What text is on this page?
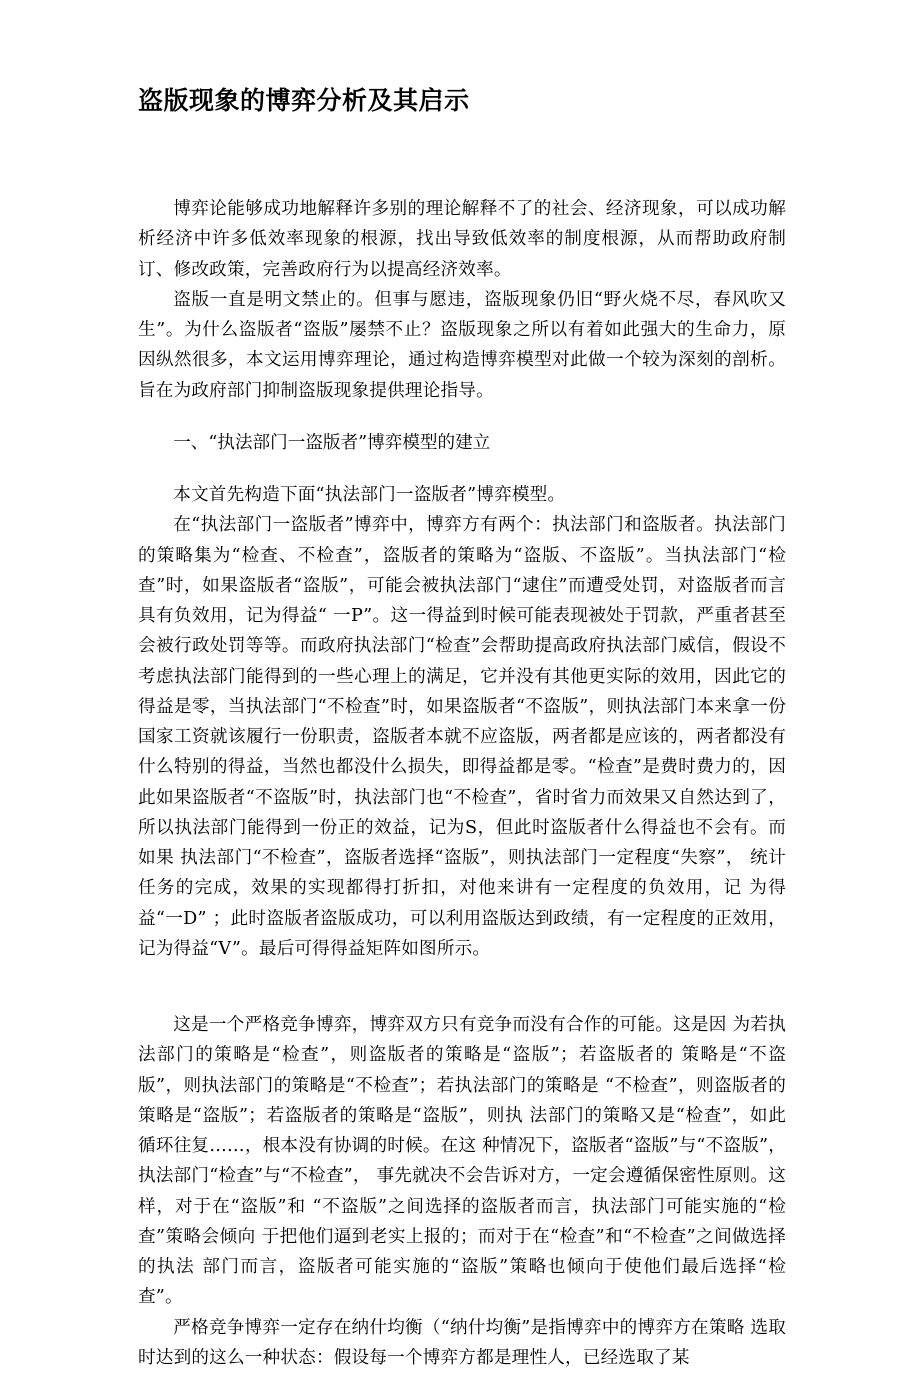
盗版现象的博弈分析及其启示

博弈论能够成功地解释许多别的理论解释不了的社会、经济现象，可以成功解析经济中许多低效率现象的根源，找出导致低效率的制度根源，从而帮助政府制订、修改政策，完善政府行为以提高经济效率。

盗版一直是明文禁止的。但事与愿违，盗版现象仍旧“野火烧不尽，春风吹又生”。为什么盗版者“盗版”屡禁不止？盗版现象之所以有着如此强大的生命力，原因纵然很多，本文运用博弈理论，通过构造博弈模型对此做一个较为深刻的剖析。旨在为政府部门抑制盗版现象提供理论指导。

一、“执法部门一盗版者”博弈模型的建立

本文首先构造下面“执法部门一盗版者”博弈模型。

在“执法部门一盗版者”博弈中，博弈方有两个：执法部门和盗版者。执法部门的策略集为“检查、不检查”，盗版者的策略为“盗版、不盗版”。当执法部门“检查”时，如果盗版者“盗版”，可能会被执法部门“逮住”而遭受处罚，对盗版者而言具有负效用，记为得益“ 一P”。这一得益到时候可能表现被处于罚款，严重者甚至会被行政处罚等等。而政府执法部门“检查”会帮助提高政府执法部门威信，假设不考虑执法部门能得到的一些心理上的满足，它并没有其他更实际的效用，因此它的得益是零，当执法部门“不检查”时，如果盗版者“不盗版”，则执法部门本来拿一份国家工资就该履行一份职责，盗版者本就不应盗版，两者都是应该的，两者都没有什么特别的得益，当然也都没什么损失，即得益都是零。“检查”是费时费力的，因此如果盗版者“不盗版”时，执法部门也“不检查”，省时省力而效果又自然达到了，所以执法部门能得到一份正的效益，记为S，但此时盗版者什么得益也不会有。而如果 执法部门“不检查”，盗版者选择“盗版”，则执法部门一定程度“失察”， 统计任务的完成，效果的实现都得打折扣，对他来讲有一定程度的负效用，记 为得益“一D” ；此时盗版者盗版成功，可以利用盗版达到政绩，有一定程度的正效用，记为得益“V”。最后可得得益矩阵如图所示。

这是一个严格竞争博弈，博弈双方只有竞争而没有合作的可能。这是因 为若执法部门的策略是“检查”，则盗版者的策略是“盗版”；若盗版者的 策略是“不盗版”，则执法部门的策略是“不检查”；若执法部门的策略是 “不检查”，则盗版者的策略是“盗版”；若盗版者的策略是“盗版”，则执 法部门的策略又是“检查”，如此循环往复……，根本没有协调的时候。在这 种情况下，盗版者“盗版”与“不盗版”，执法部门“检查”与“不检查”， 事先就决不会告诉对方，一定会遵循保密性原则。这样，对于在“盗版”和 “不盗版”之间选择的盗版者而言，执法部门可能实施的“检查”策略会倾向 于把他们逼到老实上报的；而对于在“检查”和“不检查”之间做选择的执法 部门而言，盗版者可能实施的“盗版”策略也倾向于使他们最后选择“检 查”。

严格竞争博弈一定存在纳什均衡（“纳什均衡”是指博弈中的博弈方在策略 选取时达到的这么一种状态：假设每一个博弈方都是理性人，已经选取了某
